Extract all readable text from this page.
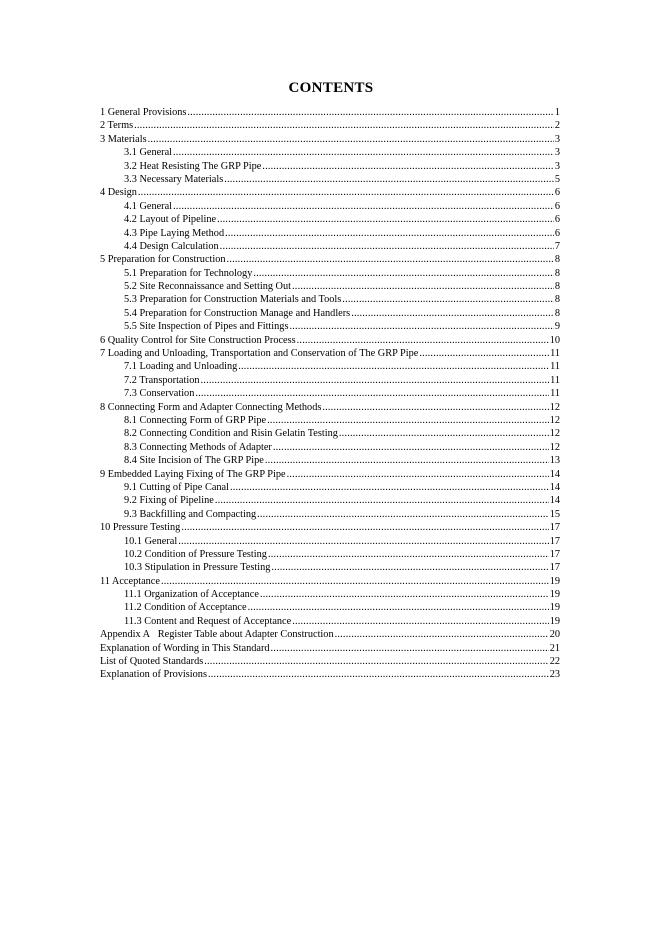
CONTENTS
1 General Provisions .....	1
2 Terms .....	2
3 Materials .....	3
3.1 General .....	3
3.2 Heat Resisting The GRP Pipe .....	3
3.3 Necessary Materials .....	5
4 Design .....	6
4.1 General .....	6
4.2 Layout of Pipeline .....	6
4.3 Pipe Laying Method .....	6
4.4 Design Calculation .....	7
5 Preparation for Construction .....	8
5.1 Preparation for Technology .....	8
5.2 Site Reconnaissance and Setting Out .....	8
5.3 Preparation for Construction Materials and Tools .....	8
5.4 Preparation for Construction Manage and Handlers .....	8
5.5 Site Inspection of Pipes and Fittings .....	9
6 Quality Control for Site Construction Process .....	10
7 Loading and Unloading, Transportation and Conservation of The GRP Pipe .....	11
7.1 Loading and Unloading .....	11
7.2 Transportation .....	11
7.3 Conservation .....	11
8 Connecting Form and Adapter Connecting Methods .....	12
8.1 Connecting Form of GRP Pipe .....	12
8.2 Connecting Condition and Risin Gelatin Testing .....	12
8.3 Connecting Methods of Adapter .....	12
8.4 Site Incision of The GRP Pipe .....	13
9 Embedded Laying Fixing of The GRP Pipe .....	14
9.1 Cutting of Pipe Canal .....	14
9.2 Fixing of Pipeline .....	14
9.3 Backfilling and Compacting .....	15
10 Pressure Testing .....	17
10.1 General .....	17
10.2 Condition of Pressure Testing .....	17
10.3 Stipulation in Pressure Testing .....	17
11 Acceptance .....	19
11.1 Organization of Acceptance .....	19
11.2 Condition of Acceptance .....	19
11.3 Content and Request of Acceptance .....	19
Appendix A   Register Table about Adapter Construction .....	20
Explanation of Wording in This Standard .....	21
List of Quoted Standards .....	22
Explanation of Provisions .....	23
